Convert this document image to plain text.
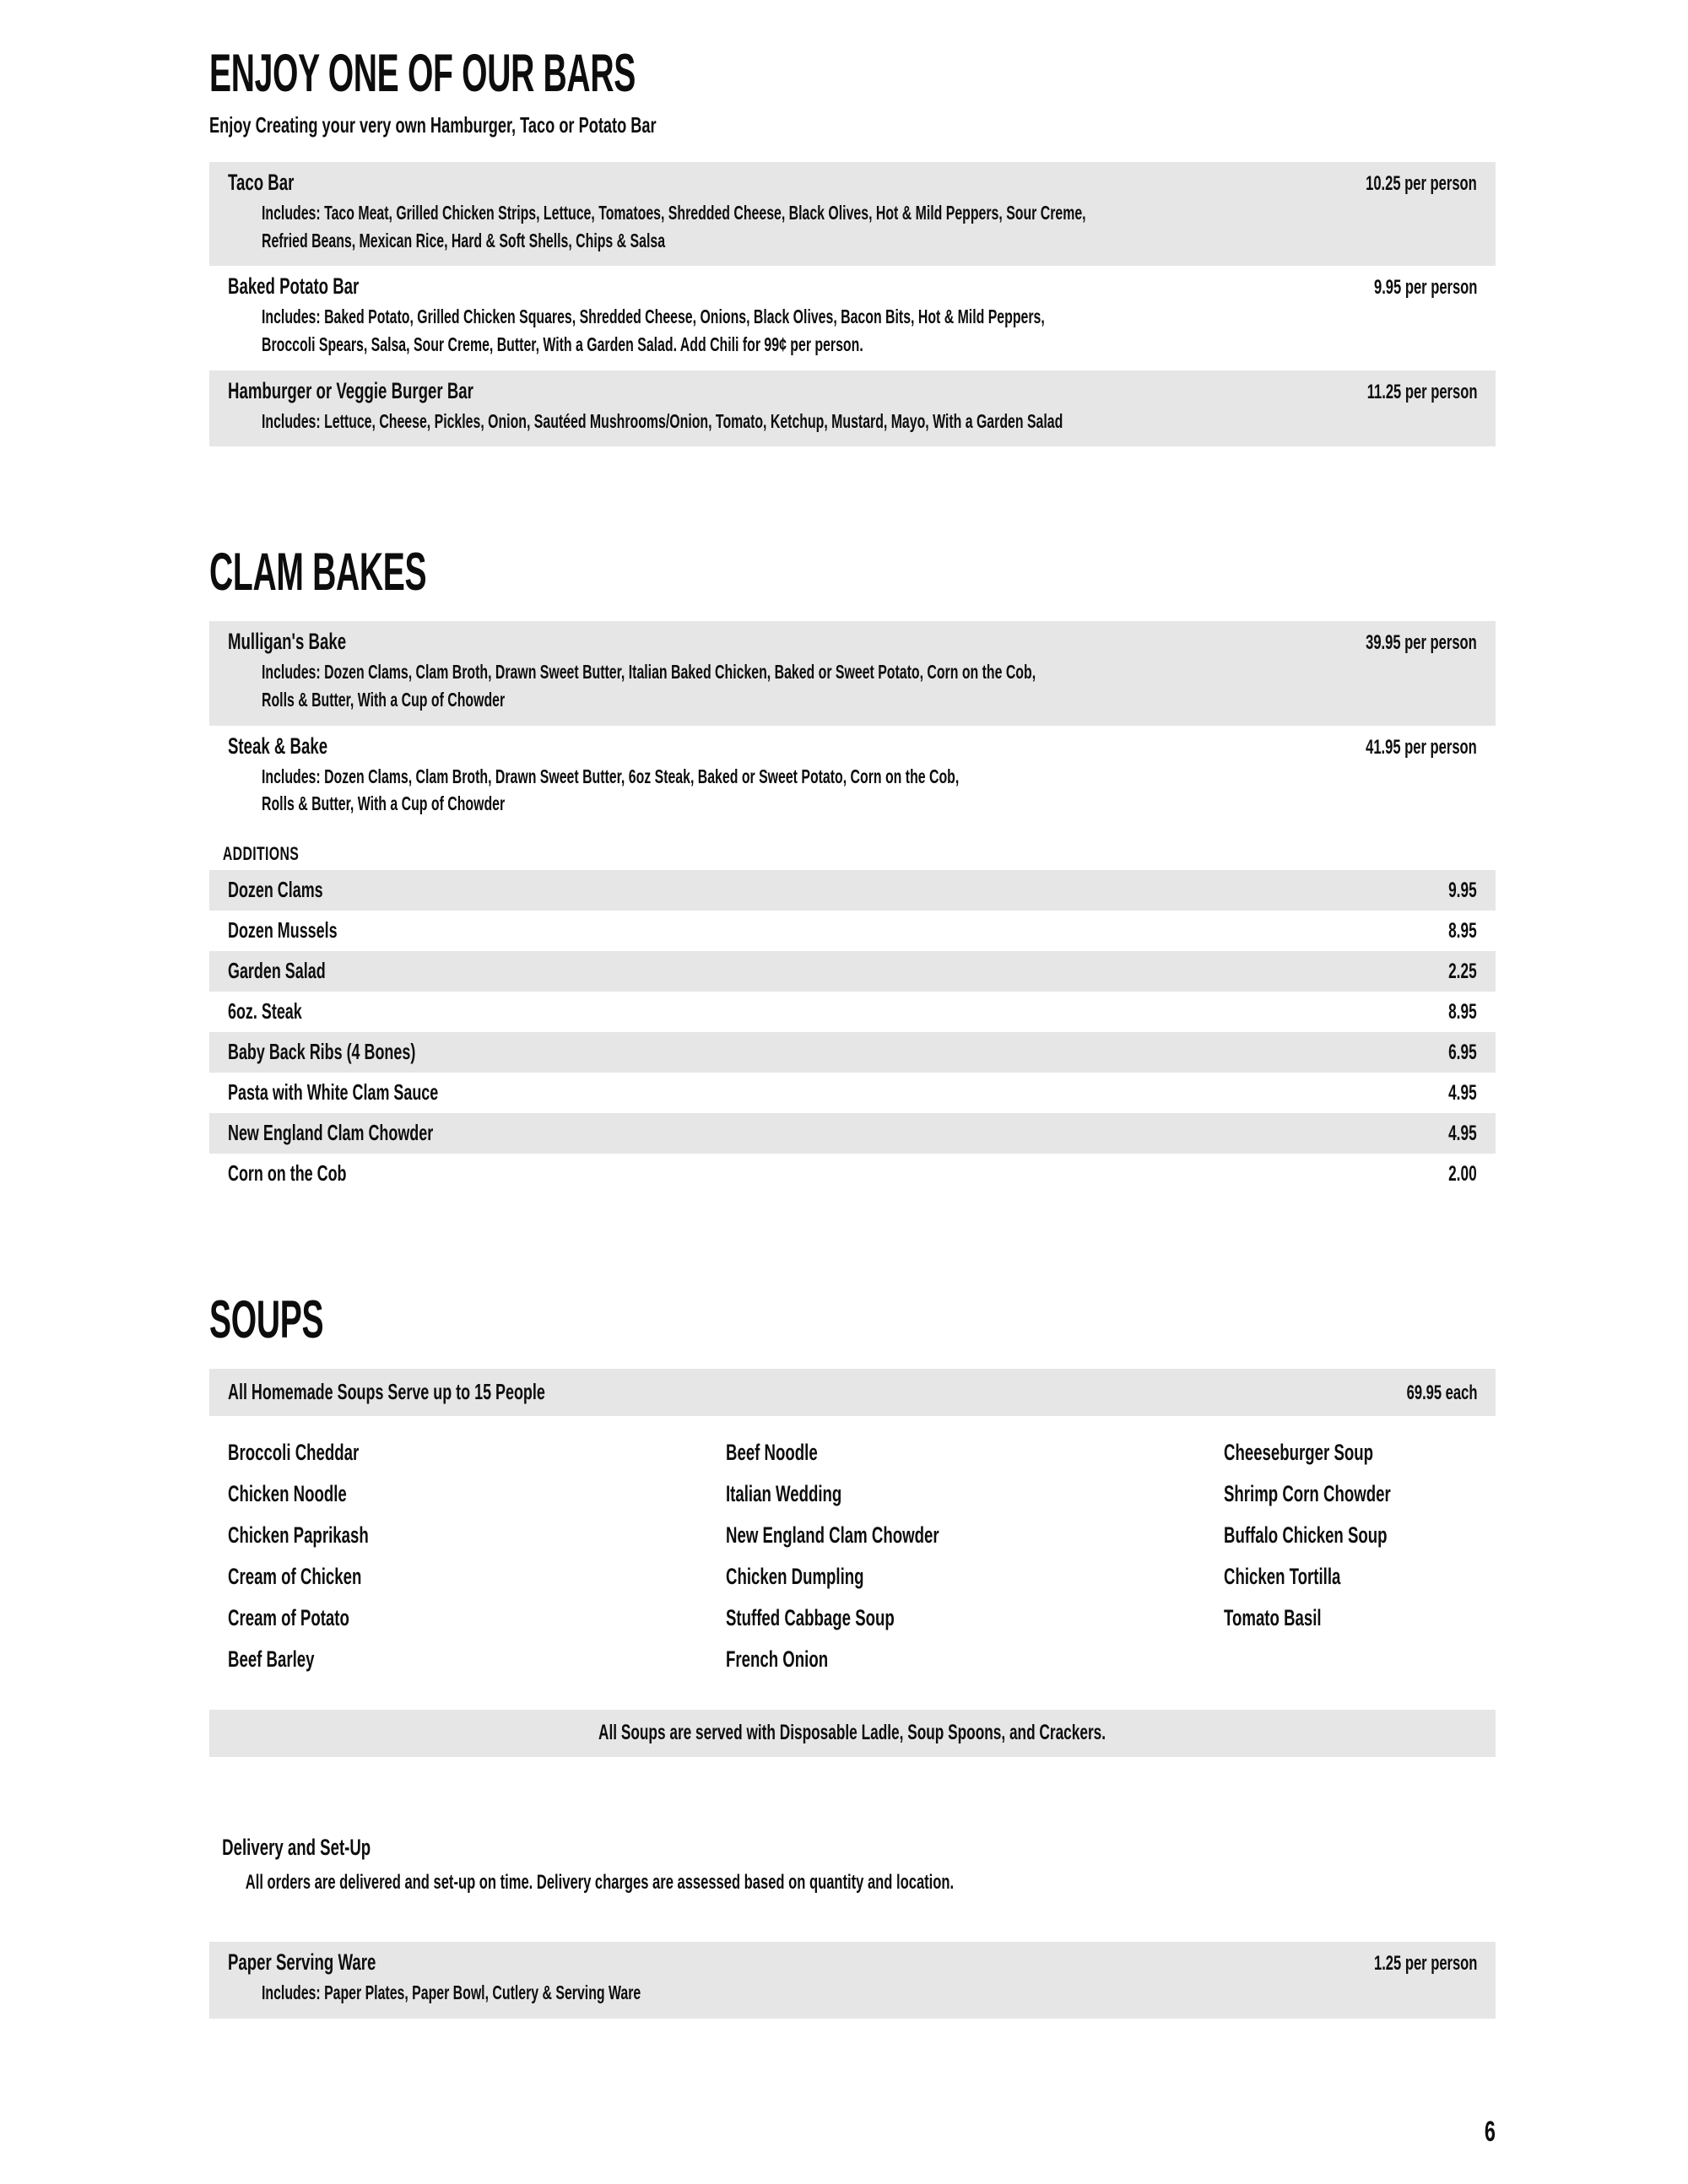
ENJOY ONE OF OUR BARS
Enjoy Creating your very own Hamburger, Taco or Potato Bar
Taco Bar	10.25 per person
Includes: Taco Meat, Grilled Chicken Strips, Lettuce, Tomatoes, Shredded Cheese, Black Olives, Hot & Mild Peppers, Sour Creme,
Refried Beans, Mexican Rice, Hard & Soft Shells, Chips & Salsa
Baked Potato Bar	9.95 per person
Includes: Baked Potato, Grilled Chicken Squares, Shredded Cheese, Onions, Black Olives, Bacon Bits, Hot & Mild Peppers,
Broccoli Spears, Salsa, Sour Creme, Butter, With a Garden Salad. Add Chili for 99¢ per person.
Hamburger or Veggie Burger Bar	11.25 per person
Includes: Lettuce, Cheese, Pickles, Onion, Sautéed Mushrooms/Onion, Tomato, Ketchup, Mustard, Mayo, With a Garden Salad
CLAM BAKES
Mulligan's Bake	39.95 per person
Includes: Dozen Clams, Clam Broth, Drawn Sweet Butter, Italian Baked Chicken, Baked or Sweet Potato, Corn on the Cob,
Rolls & Butter, With a Cup of Chowder
Steak & Bake	41.95 per person
Includes: Dozen Clams, Clam Broth, Drawn Sweet Butter, 6oz Steak, Baked or Sweet Potato, Corn on the Cob,
Rolls & Butter, With a Cup of Chowder
ADDITIONS
Dozen Clams	9.95
Dozen Mussels	8.95
Garden Salad	2.25
6oz. Steak	8.95
Baby Back Ribs (4 Bones)	6.95
Pasta with White Clam Sauce	4.95
New England Clam Chowder	4.95
Corn on the Cob	2.00
SOUPS
All Homemade Soups Serve up to 15 People	69.95 each
Broccoli Cheddar
Chicken Noodle
Chicken Paprikash
Cream of Chicken
Cream of Potato
Beef Barley
Beef Noodle
Italian Wedding
New England Clam Chowder
Chicken Dumpling
Stuffed Cabbage Soup
French Onion
Cheeseburger Soup
Shrimp Corn Chowder
Buffalo Chicken Soup
Chicken Tortilla
Tomato Basil
All Soups are served with Disposable Ladle, Soup Spoons, and Crackers.
Delivery and Set-Up
All orders are delivered and set-up on time. Delivery charges are assessed based on quantity and location.
Paper Serving Ware	1.25 per person
Includes: Paper Plates, Paper Bowl, Cutlery & Serving Ware
6
